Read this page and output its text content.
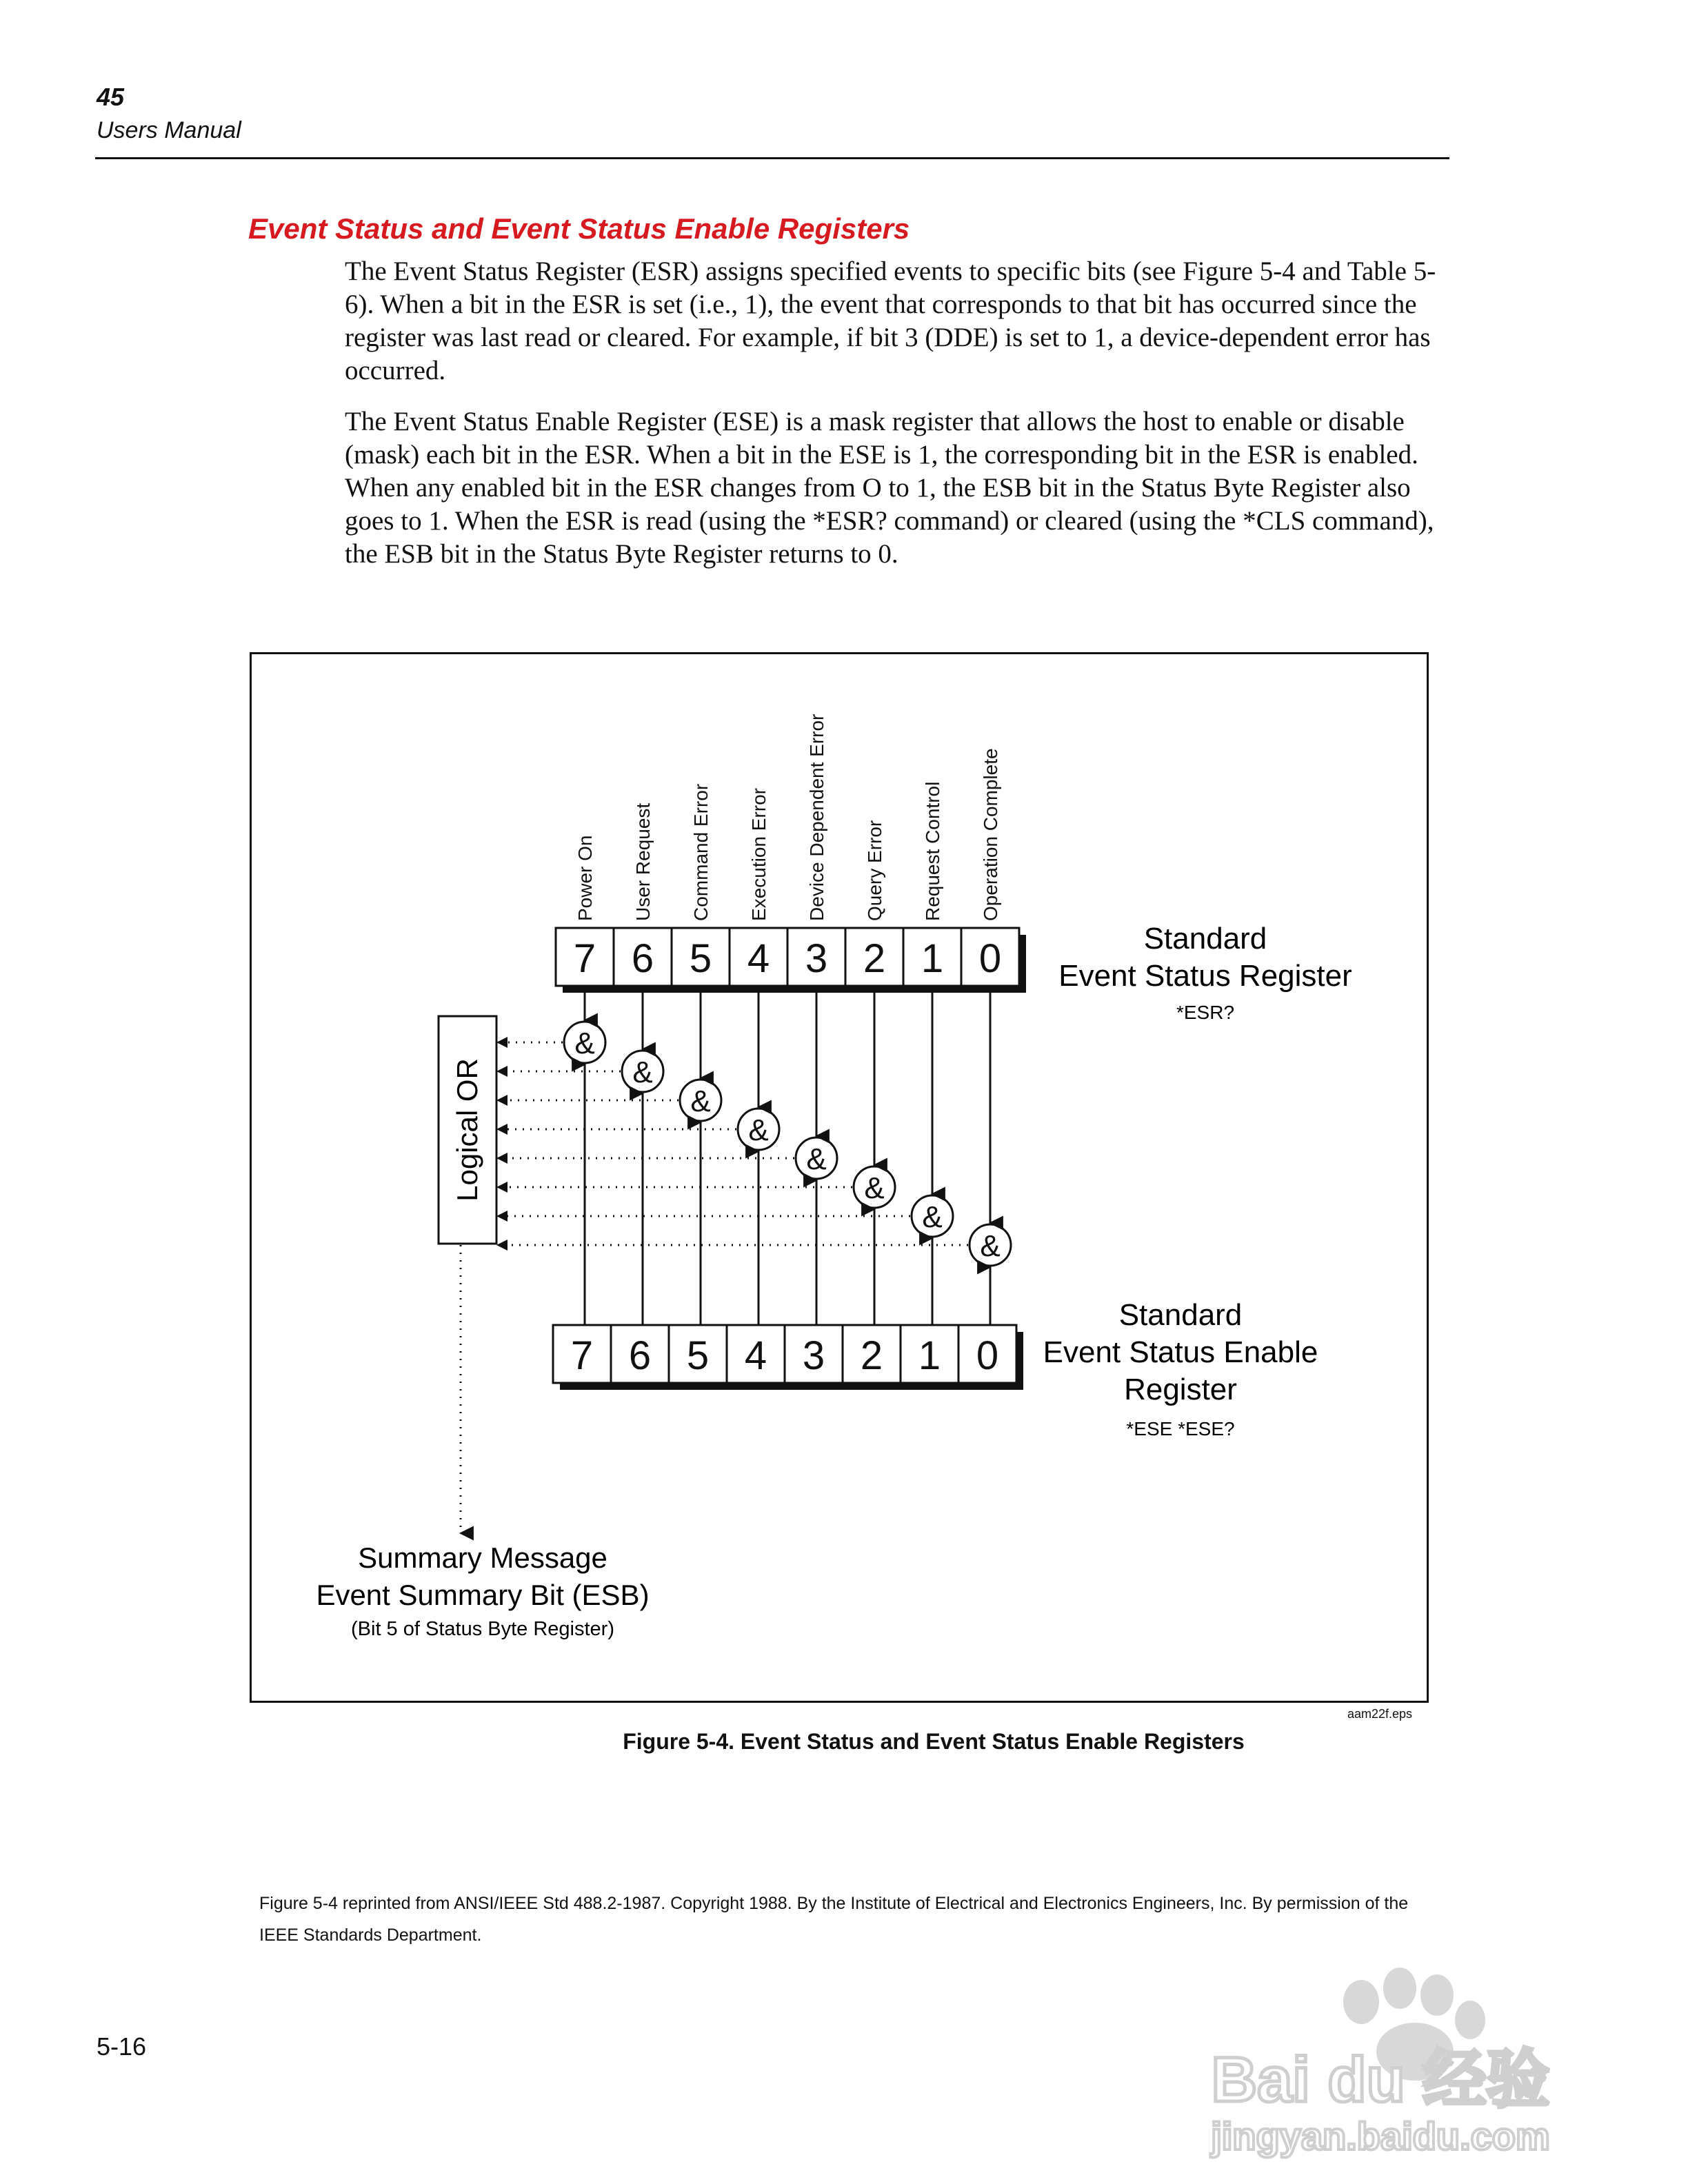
45
Users Manual
Event Status and Event Status Enable Registers

The Event Status Register (ESR) assigns specified events to specific bits (see Figure 5-4 and Table 5-6). When a bit in the ESR is set (i.e., 1), the event that corresponds to that bit has occurred since the register was last read or cleared. For example, if bit 3 (DDE) is set to 1, a device-dependent error has occurred.

The Event Status Enable Register (ESE) is a mask register that allows the host to enable or disable (mask) each bit in the ESR. When a bit in the ESE is 1, the corresponding bit in the ESR is enabled. When any enabled bit in the ESR changes from O to 1, the ESB bit in the Status Byte Register also goes to 1. When the ESR is read (using the *ESR? command) or cleared (using the *CLS command), the ESB bit in the Status Byte Register returns to 0.

7
7
Power On
&
6
6
User Request
&
5
5
Command Error
&
4
4
Execution Error
&
3
3
Device Dependent Error
&
2
2
Query Error
&
1
1
Request Control
&
0
0
Operation Complete
&
Standard
Event Status Register
*ESR?
Standard
Event Status Enable
Register
*ESE *ESE?
Summary Message
Event Summary Bit (ESB)
(Bit 5 of Status Byte Register)
Logical OR
aam22f.eps
Figure 5-4. Event Status and Event Status Enable Registers
Figure 5-4 reprinted from ANSI/IEEE Std 488.2-1987. Copyright 1988. By the Institute of Electrical and Electronics Engineers, Inc. By permission of the IEEE Standards Department.
5-16	Bai du 经验
jingyan.baidu.com
